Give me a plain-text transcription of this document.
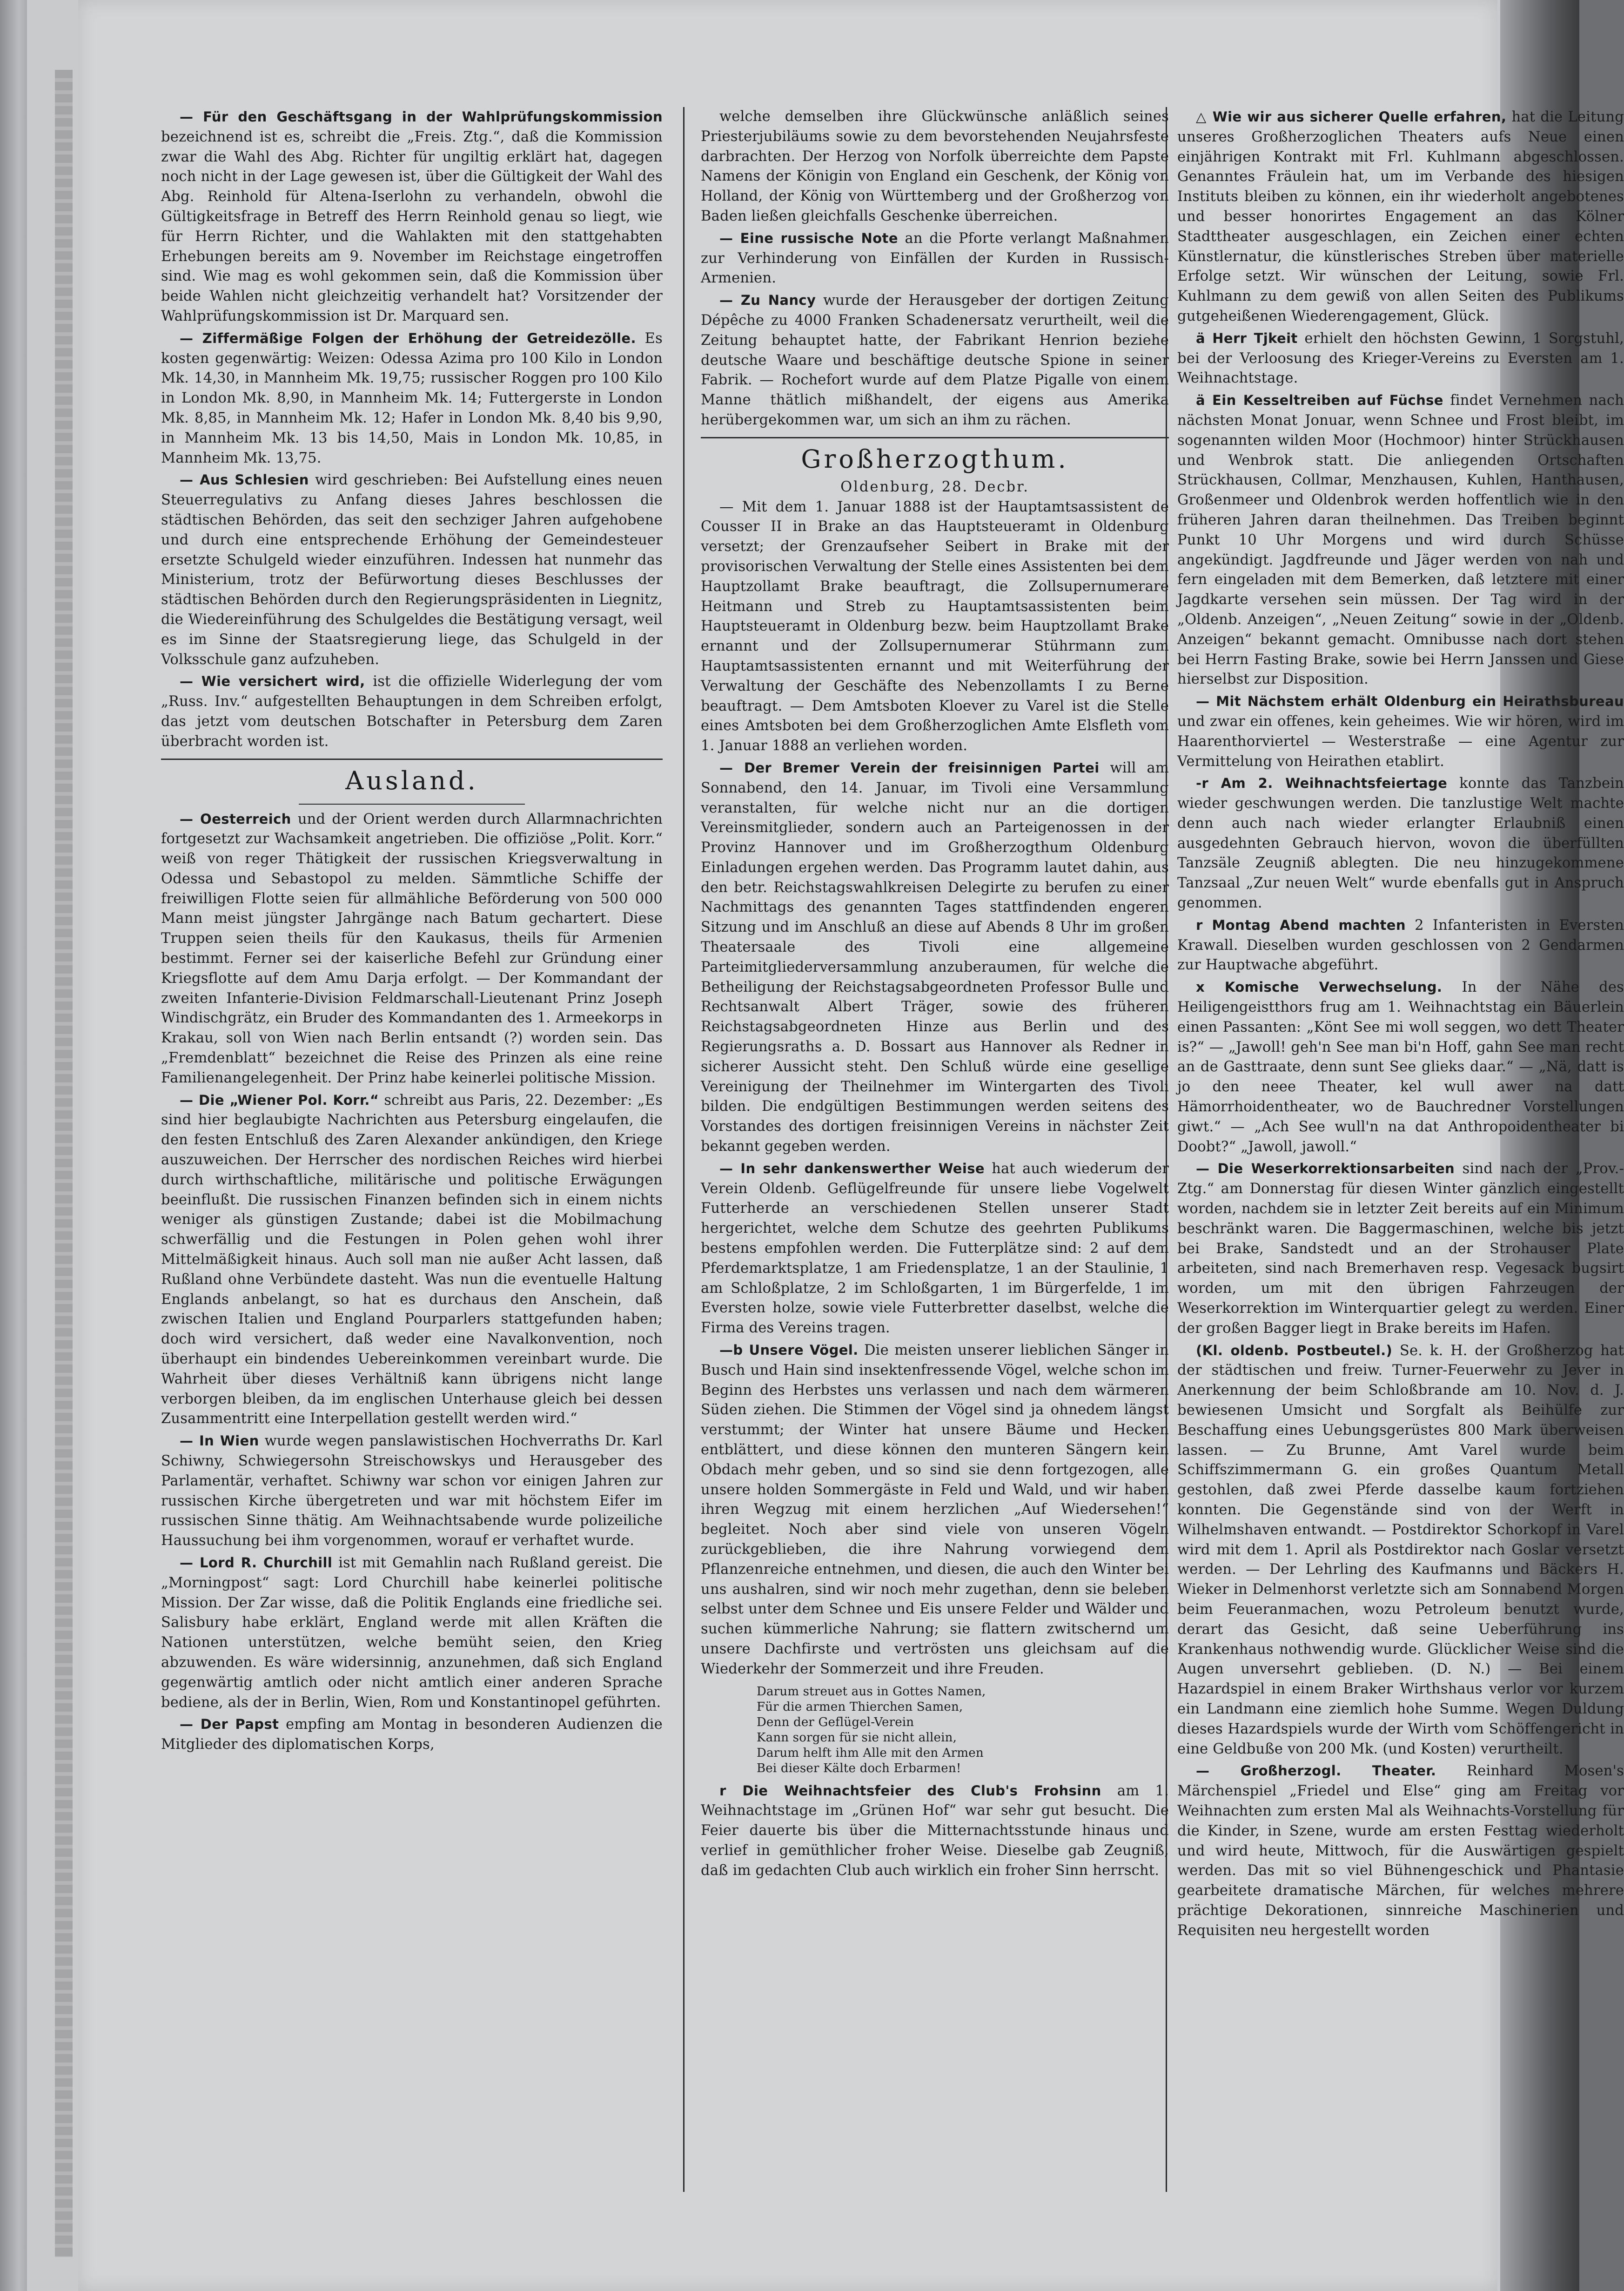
— Für den Geschäftsgang in der Wahlprüfungskommission bezeichnend ist es, schreibt die „Freis. Ztg.“, daß die Kommission zwar die Wahl des Abg. Richter für ungiltig erklärt hat, dagegen noch nicht in der Lage gewesen ist, über die Gültigkeit der Wahl des Abg. Reinhold für Altena-Iserlohn zu verhandeln, obwohl die Gültigkeitsfrage in Betreff des Herrn Reinhold genau so liegt, wie für Herrn Richter, und die Wahlakten mit den stattgehabten Erhebungen bereits am 9. November im Reichstage eingetroffen sind. Wie mag es wohl gekommen sein, daß die Kommission über beide Wahlen nicht gleichzeitig verhandelt hat? Vorsitzender der Wahlprüfungskommission ist Dr. Marquard sen.

— Ziffermäßige Folgen der Erhöhung der Getreidezölle. Es kosten gegenwärtig: Weizen: Odessa Azima pro 100 Kilo in London Mk. 14,30, in Mannheim Mk. 19,75; russischer Roggen pro 100 Kilo in London Mk. 8,90, in Mannheim Mk. 14; Futtergerste in London Mk. 8,85, in Mannheim Mk. 12; Hafer in London Mk. 8,40 bis 9,90, in Mannheim Mk. 13 bis 14,50, Mais in London Mk. 10,85, in Mannheim Mk. 13,75.

— Aus Schlesien wird geschrieben: Bei Aufstellung eines neuen Steuerregulativs zu Anfang dieses Jahres beschlossen die städtischen Behörden, das seit den sechziger Jahren aufgehobene und durch eine entsprechende Erhöhung der Gemeindesteuer ersetzte Schulgeld wieder einzuführen. Indessen hat nunmehr das Ministerium, trotz der Befürwortung dieses Beschlusses der städtischen Behörden durch den Regierungspräsidenten in Liegnitz, die Wiedereinführung des Schulgeldes die Bestätigung versagt, weil es im Sinne der Staatsregierung liege, das Schulgeld in der Volksschule ganz aufzuheben.

— Wie versichert wird, ist die offizielle Widerlegung der vom „Russ. Inv.“ aufgestellten Behauptungen in dem Schreiben erfolgt, das jetzt vom deutschen Botschafter in Petersburg dem Zaren überbracht worden ist.

Ausland.

— Oesterreich und der Orient werden durch Allarmnachrichten fortgesetzt zur Wachsamkeit angetrieben. Die offiziöse „Polit. Korr.“ weiß von reger Thätigkeit der russischen Kriegsverwaltung in Odessa und Sebastopol zu melden. Sämmtliche Schiffe der freiwilligen Flotte seien für allmähliche Beförderung von 500 000 Mann meist jüngster Jahrgänge nach Batum gechartert. Diese Truppen seien theils für den Kaukasus, theils für Armenien bestimmt. Ferner sei der kaiserliche Befehl zur Gründung einer Kriegsflotte auf dem Amu Darja erfolgt. — Der Kommandant der zweiten Infanterie-Division Feldmarschall-Lieutenant Prinz Joseph Windischgrätz, ein Bruder des Kommandanten des 1. Armeekorps in Krakau, soll von Wien nach Berlin entsandt (?) worden sein. Das „Fremdenblatt“ bezeichnet die Reise des Prinzen als eine reine Familienangelegenheit. Der Prinz habe keinerlei politische Mission.

— Die „Wiener Pol. Korr.“ schreibt aus Paris, 22. Dezember: „Es sind hier beglaubigte Nachrichten aus Petersburg eingelaufen, die den festen Entschluß des Zaren Alexander ankündigen, den Kriege auszuweichen. Der Herrscher des nordischen Reiches wird hierbei durch wirthschaftliche, militärische und politische Erwägungen beeinflußt. Die russischen Finanzen befinden sich in einem nichts weniger als günstigen Zustande; dabei ist die Mobilmachung schwerfällig und die Festungen in Polen gehen wohl ihrer Mittelmäßigkeit hinaus. Auch soll man nie außer Acht lassen, daß Rußland ohne Verbündete dasteht. Was nun die eventuelle Haltung Englands anbelangt, so hat es durchaus den Anschein, daß zwischen Italien und England Pourparlers stattgefunden haben; doch wird versichert, daß weder eine Navalkonvention, noch überhaupt ein bindendes Uebereinkommen vereinbart wurde. Die Wahrheit über dieses Verhältniß kann übrigens nicht lange verborgen bleiben, da im englischen Unterhause gleich bei dessen Zusammentritt eine Interpellation gestellt werden wird.“

— In Wien wurde wegen panslawistischen Hochverraths Dr. Karl Schiwny, Schwiegersohn Streischowskys und Herausgeber des Parlamentär, verhaftet. Schiwny war schon vor einigen Jahren zur russischen Kirche übergetreten und war mit höchstem Eifer im russischen Sinne thätig. Am Weihnachtsabende wurde polizeiliche Haussuchung bei ihm vorgenommen, worauf er verhaftet wurde.

— Lord R. Churchill ist mit Gemahlin nach Rußland gereist. Die „Morningpost“ sagt: Lord Churchill habe keinerlei politische Mission. Der Zar wisse, daß die Politik Englands eine friedliche sei. Salisbury habe erklärt, England werde mit allen Kräften die Nationen unterstützen, welche bemüht seien, den Krieg abzuwenden. Es wäre widersinnig, anzunehmen, daß sich England gegenwärtig amtlich oder nicht amtlich einer anderen Sprache bediene, als der in Berlin, Wien, Rom und Konstantinopel geführten.

— Der Papst empfing am Montag in besonderen Audienzen die Mitglieder des diplomatischen Korps,

welche demselben ihre Glückwünsche anläßlich seines Priesterjubiläums sowie zu dem bevorstehenden Neujahrsfeste darbrachten. Der Herzog von Norfolk überreichte dem Papste Namens der Königin von England ein Geschenk, der König von Holland, der König von Württemberg und der Großherzog von Baden ließen gleichfalls Geschenke überreichen.

— Eine russische Note an die Pforte verlangt Maßnahmen zur Verhinderung von Einfällen der Kurden in Russisch-Armenien.

— Zu Nancy wurde der Herausgeber der dortigen Zeitung Dépêche zu 4000 Franken Schadenersatz verurtheilt, weil die Zeitung behauptet hatte, der Fabrikant Henrion beziehe deutsche Waare und beschäftige deutsche Spione in seiner Fabrik. — Rochefort wurde auf dem Platze Pigalle von einem Manne thätlich mißhandelt, der eigens aus Amerika herübergekommen war, um sich an ihm zu rächen.

Großherzogthum.

Oldenburg, 28. Decbr.

— Mit dem 1. Januar 1888 ist der Hauptamtsassistent de Cousser II in Brake an das Hauptsteueramt in Oldenburg versetzt; der Grenzaufseher Seibert in Brake mit der provisorischen Verwaltung der Stelle eines Assistenten bei dem Hauptzollamt Brake beauftragt, die Zollsupernumerare Heitmann und Streb zu Hauptamtsassistenten beim Hauptsteueramt in Oldenburg bezw. beim Hauptzollamt Brake ernannt und der Zollsupernumerar Stührmann zum Hauptamtsassistenten ernannt und mit Weiterführung der Verwaltung der Geschäfte des Nebenzollamts I zu Berne beauftragt. — Dem Amtsboten Kloever zu Varel ist die Stelle eines Amtsboten bei dem Großherzoglichen Amte Elsfleth vom 1. Januar 1888 an verliehen worden.

— Der Bremer Verein der freisinnigen Partei will am Sonnabend, den 14. Januar, im Tivoli eine Versammlung veranstalten, für welche nicht nur an die dortigen Vereinsmitglieder, sondern auch an Parteigenossen in der Provinz Hannover und im Großherzogthum Oldenburg Einladungen ergehen werden. Das Programm lautet dahin, aus den betr. Reichstagswahlkreisen Delegirte zu berufen zu einer Nachmittags des genannten Tages stattfindenden engeren Sitzung und im Anschluß an diese auf Abends 8 Uhr im großen Theatersaale des Tivoli eine allgemeine Parteimitgliederversammlung anzuberaumen, für welche die Betheiligung der Reichstagsabgeordneten Professor Bulle und Rechtsanwalt Albert Träger, sowie des früheren Reichstagsabgeordneten Hinze aus Berlin und des Regierungsraths a. D. Bossart aus Hannover als Redner in sicherer Aussicht steht. Den Schluß würde eine gesellige Vereinigung der Theilnehmer im Wintergarten des Tivoli bilden. Die endgültigen Bestimmungen werden seitens des Vorstandes des dortigen freisinnigen Vereins in nächster Zeit bekannt gegeben werden.

— In sehr dankenswerther Weise hat auch wiederum der Verein Oldenb. Geflügelfreunde für unsere liebe Vogelwelt Futterherde an verschiedenen Stellen unserer Stadt hergerichtet, welche dem Schutze des geehrten Publikums bestens empfohlen werden. Die Futterplätze sind: 2 auf dem Pferdemarktsplatze, 1 am Friedensplatze, 1 an der Staulinie, 1 am Schloßplatze, 2 im Schloßgarten, 1 im Bürgerfelde, 1 im Eversten holze, sowie viele Futterbretter daselbst, welche die Firma des Vereins tragen.

—b Unsere Vögel. Die meisten unserer lieblichen Sänger in Busch und Hain sind insektenfressende Vögel, welche schon im Beginn des Herbstes uns verlassen und nach dem wärmeren Süden ziehen. Die Stimmen der Vögel sind ja ohnedem längst verstummt; der Winter hat unsere Bäume und Hecken entblättert, und diese können den munteren Sängern kein Obdach mehr geben, und so sind sie denn fortgezogen, alle unsere holden Sommergäste in Feld und Wald, und wir haben ihren Wegzug mit einem herzlichen „Auf Wiedersehen!“ begleitet. Noch aber sind viele von unseren Vögeln zurückgeblieben, die ihre Nahrung vorwiegend dem Pflanzenreiche entnehmen, und diesen, die auch den Winter bei uns aushalren, sind wir noch mehr zugethan, denn sie beleben selbst unter dem Schnee und Eis unsere Felder und Wälder und suchen kümmerliche Nahrung; sie flattern zwitschernd um unsere Dachfirste und vertrösten uns gleichsam auf die Wiederkehr der Sommerzeit und ihre Freuden.

Darum streuet aus in Gottes Namen,
Für die armen Thierchen Samen,
Denn der Geflügel-Verein
Kann sorgen für sie nicht allein,
Darum helft ihm Alle mit den Armen
Bei dieser Kälte doch Erbarmen!

r Die Weihnachtsfeier des Club's Frohsinn am 1. Weihnachtstage im „Grünen Hof“ war sehr gut besucht. Die Feier dauerte bis über die Mitternachtsstunde hinaus und verlief in gemüthlicher froher Weise. Dieselbe gab Zeugniß, daß im gedachten Club auch wirklich ein froher Sinn herrscht.

△ Wie wir aus sicherer Quelle erfahren, hat die Leitung unseres Großherzoglichen Theaters aufs Neue einen einjährigen Kontrakt mit Frl. Kuhlmann abgeschlossen. Genanntes Fräulein hat, um im Verbande des hiesigen Instituts bleiben zu können, ein ihr wiederholt angebotenes und besser honorirtes Engagement an das Kölner Stadttheater ausgeschlagen, ein Zeichen einer echten Künstlernatur, die künstlerisches Streben über materielle Erfolge setzt. Wir wünschen der Leitung, sowie Frl. Kuhlmann zu dem gewiß von allen Seiten des Publikums gutgeheißenen Wiederengagement, Glück.

ä Herr Tjkeit erhielt den höchsten Gewinn, 1 Sorgstuhl, bei der Verloosung des Krieger-Vereins zu Eversten am 1. Weihnachtstage.

ä Ein Kesseltreiben auf Füchse findet Vernehmen nach nächsten Monat Jonuar, wenn Schnee und Frost bleibt, im sogenannten wilden Moor (Hochmoor) hinter Strückhausen und Wenbrok statt. Die anliegenden Ortschaften Strückhausen, Collmar, Menzhausen, Kuhlen, Hanthausen, Großenmeer und Oldenbrok werden hoffentlich wie in den früheren Jahren daran theilnehmen. Das Treiben beginnt Punkt 10 Uhr Morgens und wird durch Schüsse angekündigt. Jagdfreunde und Jäger werden von nah und fern eingeladen mit dem Bemerken, daß letztere mit einer Jagdkarte versehen sein müssen. Der Tag wird in der „Oldenb. Anzeigen“, „Neuen Zeitung“ sowie in der „Oldenb. Anzeigen“ bekannt gemacht. Omnibusse nach dort stehen bei Herrn Fasting Brake, sowie bei Herrn Janssen und Giese hierselbst zur Disposition.

— Mit Nächstem erhält Oldenburg ein Heirathsbureau und zwar ein offenes, kein geheimes. Wie wir hören, wird im Haarenthorviertel — Westerstraße — eine Agentur zur Vermittelung von Heirathen etablirt.

-r Am 2. Weihnachtsfeiertage konnte das Tanzbein wieder geschwungen werden. Die tanzlustige Welt machte denn auch nach wieder erlangter Erlaubniß einen ausgedehnten Gebrauch hiervon, wovon die überfüllten Tanzsäle Zeugniß ablegten. Die neu hinzugekommene Tanzsaal „Zur neuen Welt“ wurde ebenfalls gut in Anspruch genommen.

r Montag Abend machten 2 Infanteristen in Eversten Krawall. Dieselben wurden geschlossen von 2 Gendarmen zur Hauptwache abgeführt.

x Komische Verwechselung. In der Nähe des Heiligengeistthors frug am 1. Weihnachtstag ein Bäuerlein einen Passanten: „Könt See mi woll seggen, wo dett Theater is?“ — „Jawoll! geh'n See man bi'n Hoff, gahn See man recht an de Gasttraate, denn sunt See glieks daar.“ — „Nä, datt is jo den neee Theater, kel wull awer na datt Hämorrhoidentheater, wo de Bauchredner Vorstellungen giwt.“ — „Ach See wull'n na dat Anthropoidentheater bi Doobt?“ „Jawoll, jawoll.“

— Die Weserkorrektionsarbeiten sind nach der „Prov.-Ztg.“ am Donnerstag für diesen Winter gänzlich eingestellt worden, nachdem sie in letzter Zeit bereits auf ein Minimum beschränkt waren. Die Baggermaschinen, welche bis jetzt bei Brake, Sandstedt und an der Strohauser Plate arbeiteten, sind nach Bremerhaven resp. Vegesack bugsirt worden, um mit den übrigen Fahrzeugen der Weserkorrektion im Winterquartier gelegt zu werden. Einer der großen Bagger liegt in Brake bereits im Hafen.

(Kl. oldenb. Postbeutel.) Se. k. H. der Großherzog hat der städtischen und freiw. Turner-Feuerwehr zu Jever in Anerkennung der beim Schloßbrande am 10. Nov. d. J. bewiesenen Umsicht und Sorgfalt als Beihülfe zur Beschaffung eines Uebungsgerüstes 800 Mark überweisen lassen. — Zu Brunne, Amt Varel wurde beim Schiffszimmermann G. ein großes Quantum Metall gestohlen, daß zwei Pferde dasselbe kaum fortziehen konnten. Die Gegenstände sind von der Werft in Wilhelmshaven entwandt. — Postdirektor Schorkopf in Varel wird mit dem 1. April als Postdirektor nach Goslar versetzt werden. — Der Lehrling des Kaufmanns und Bäckers H. Wieker in Delmenhorst verletzte sich am Sonnabend Morgen beim Feueranmachen, wozu Petroleum benutzt wurde, derart das Gesicht, daß seine Ueberführung ins Krankenhaus nothwendig wurde. Glücklicher Weise sind die Augen unversehrt geblieben. (D. N.) — Bei einem Hazardspiel in einem Braker Wirthshaus verlor vor kurzem ein Landmann eine ziemlich hohe Summe. Wegen Duldung dieses Hazardspiels wurde der Wirth vom Schöffengericht in eine Geldbuße von 200 Mk. (und Kosten) verurtheilt.

— Großherzogl. Theater. Reinhard Mosen's Märchenspiel „Friedel und Else“ ging am Freitag vor Weihnachten zum ersten Mal als Weihnachts-Vorstellung für die Kinder, in Szene, wurde am ersten Festtag wiederholt und wird heute, Mittwoch, für die Auswärtigen gespielt werden. Das mit so viel Bühnengeschick und Phantasie gearbeitete dramatische Märchen, für welches mehrere prächtige Dekorationen, sinnreiche Maschinerien und Requisiten neu hergestellt worden
